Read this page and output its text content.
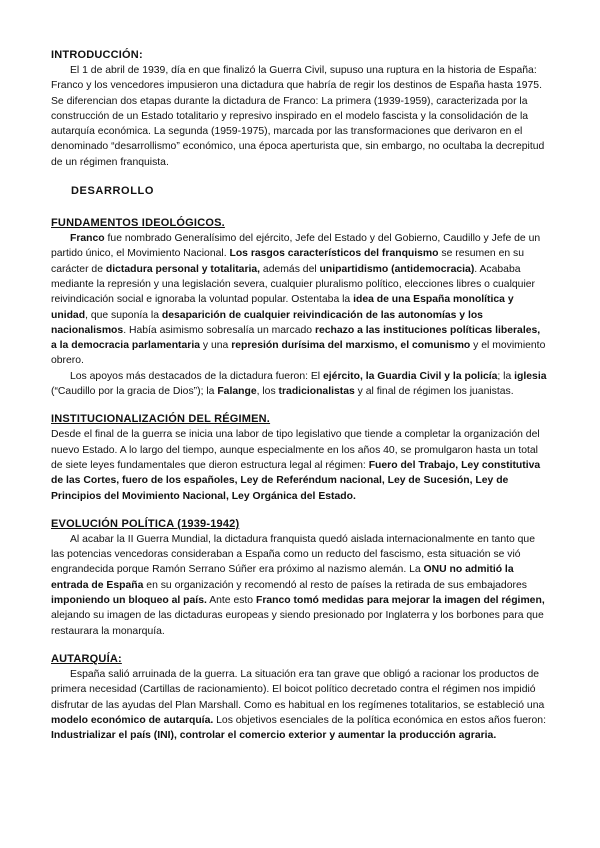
INTRODUCCIÓN:

El 1 de abril de 1939, día en que finalizó la Guerra Civil, supuso una ruptura en la historia de España: Franco y los vencedores impusieron una dictadura que habría de regir los destinos de España hasta 1975. Se diferencian dos etapas durante la dictadura de Franco: La primera (1939-1959), caracterizada por la construcción de un Estado totalitario y represivo inspirado en el modelo fascista y la consolidación de la autarquía económica. La segunda (1959-1975), marcada por las transformaciones que derivaron en el denominado “desarrollismo” económico, una época aperturista que, sin embargo, no ocultaba la decrepitud de un régimen franquista.

DESARROLLO
FUNDAMENTOS IDEOLÓGICOS.

Franco fue nombrado Generalísimo del ejército, Jefe del Estado y del Gobierno, Caudillo y Jefe de un partido único, el Movimiento Nacional. Los rasgos característicos del franquismo se resumen en su carácter de dictadura personal y totalitaria, además del unipartidismo (antidemocracia). Acababa mediante la represión y una legislación severa, cualquier pluralismo político, elecciones libres o cualquier reivindicación social e ignoraba la voluntad popular. Ostentaba la idea de una España monolítica y unidad, que suponía la desaparición de cualquier reivindicación de las autonomías y los nacionalismos. Había asimismo sobresalía un marcado rechazo a las instituciones políticas liberales, a la democracia parlamentaria y una represión durísima del marxismo, el comunismo y el movimiento obrero.

Los apoyos más destacados de la dictadura fueron: El ejército, la Guardia Civil y la policía; la iglesia (“Caudillo por la gracia de Dios”); la Falange, los tradicionalistas y al final de régimen los juanistas.

INSTITUCIONALIZACIÓN DEL RÉGIMEN.

Desde el final de la guerra se inicia una labor de tipo legislativo que tiende a completar la organización del nuevo Estado. A lo largo del tiempo, aunque especialmente en los años 40, se promulgaron hasta un total de siete leyes fundamentales que dieron estructura legal al régimen: Fuero del Trabajo, Ley constitutiva de las Cortes, fuero de los españoles, Ley de Referéndum nacional, Ley de Sucesión, Ley de Principios del Movimiento Nacional, Ley Orgánica del Estado.

EVOLUCIÓN POLÍTICA (1939-1942)

Al acabar la II Guerra Mundial, la dictadura franquista quedó aislada internacionalmente en tanto que las potencias vencedoras consideraban a España como un reducto del fascismo, esta situación se vió engrandecida porque Ramón Serrano Súñer era próximo al nazismo alemán. La ONU no admitió la entrada de España en su organización y recomendó al resto de países la retirada de sus embajadores imponiendo un bloqueo al país. Ante esto Franco tomó medidas para mejorar la imagen del régimen, alejando su imagen de las dictaduras europeas y siendo presionado por Inglaterra y los borbones para que restaurara la monarquía.

AUTARQUÍA:

España salió arruinada de la guerra. La situación era tan grave que obligó a racionar los productos de primera necesidad (Cartillas de racionamiento). El boicot político decretado contra el régimen nos impidió disfrutar de las ayudas del Plan Marshall. Como es habitual en los regímenes totalitarios, se estableció una modelo económico de autarquía. Los objetivos esenciales de la política económica en estos años fueron: Industrializar el país (INI), controlar el comercio exterior y aumentar la producción agraria.
